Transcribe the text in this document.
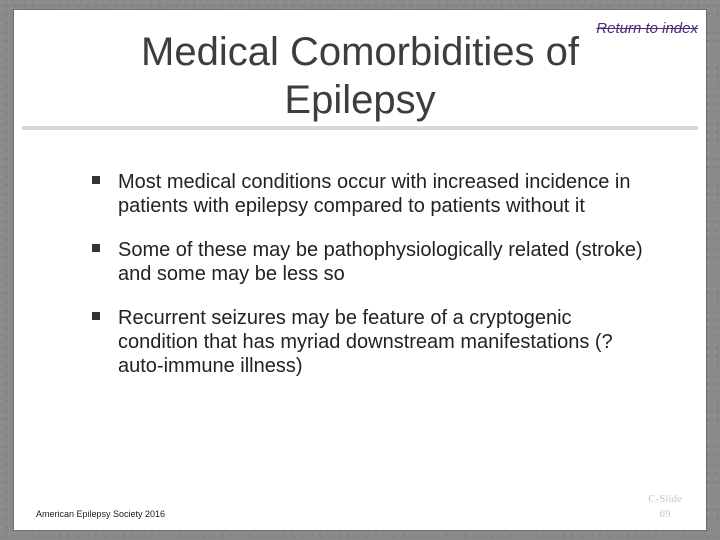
Medical Comorbidities of
Epilepsy
Return to index
Most medical conditions occur with increased incidence in patients with epilepsy compared to patients without it
Some of these may be pathophysiologically related (stroke) and some may be less so
Recurrent seizures may be feature of a cryptogenic condition that has myriad downstream manifestations (? auto-immune illness)
American Epilepsy Society 2016
C-Slide
69
